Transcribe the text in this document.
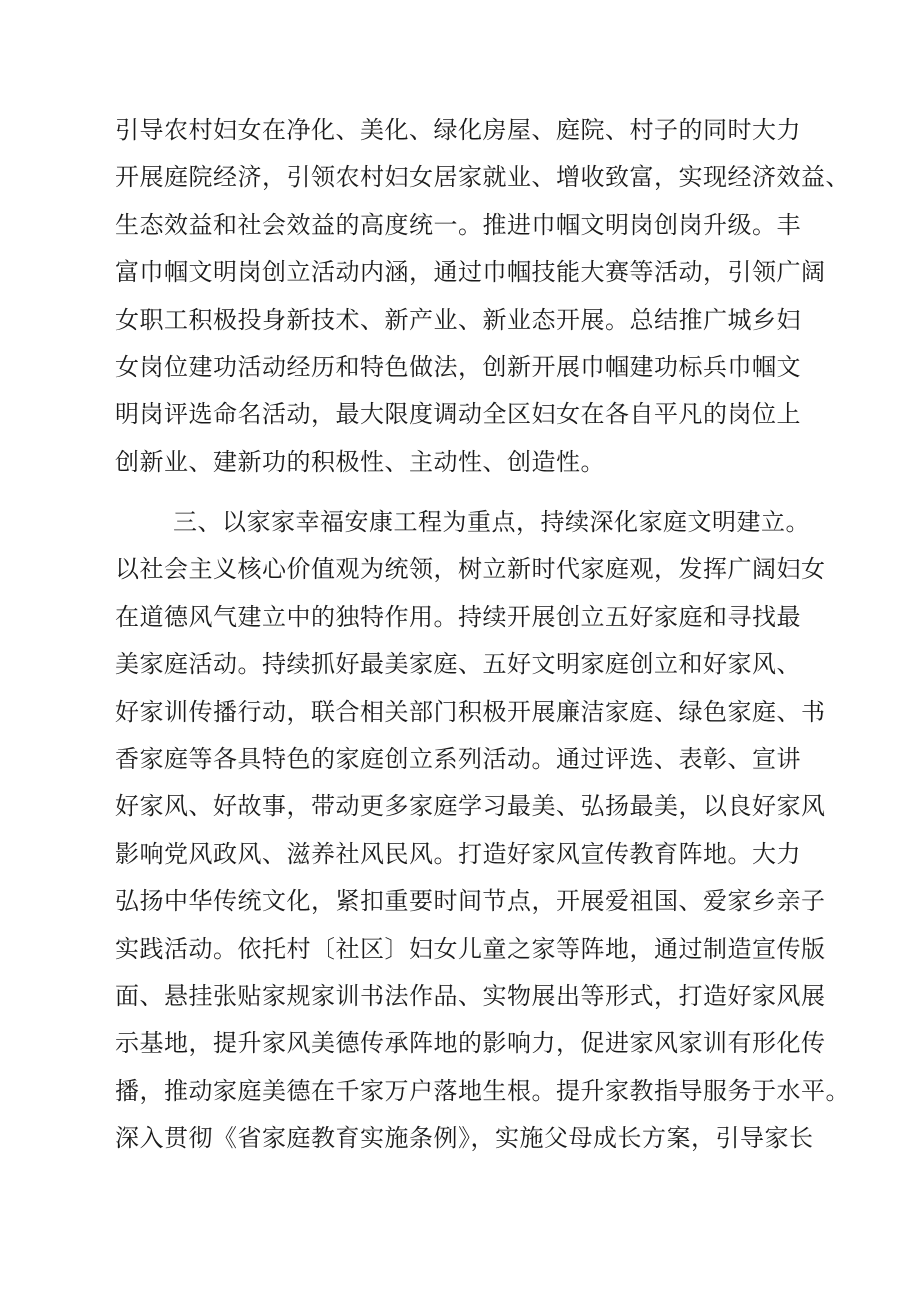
引导农村妇女在净化、美化、绿化房屋、庭院、村子的同时大力
开展庭院经济，引领农村妇女居家就业、增收致富，实现经济效益、
生态效益和社会效益的高度统一。推进巾帼文明岗创岗升级。丰
富巾帼文明岗创立活动内涵，通过巾帼技能大赛等活动，引领广阔
女职工积极投身新技术、新产业、新业态开展。总结推广城乡妇
女岗位建功活动经历和特色做法，创新开展巾帼建功标兵巾帼文
明岗评选命名活动，最大限度调动全区妇女在各自平凡的岗位上
创新业、建新功的积极性、主动性、创造性。
三、以家家幸福安康工程为重点，持续深化家庭文明建立。
以社会主义核心价值观为统领，树立新时代家庭观，发挥广阔妇女
在道德风气建立中的独特作用。持续开展创立五好家庭和寻找最
美家庭活动。持续抓好最美家庭、五好文明家庭创立和好家风、
好家训传播行动，联合相关部门积极开展廉洁家庭、绿色家庭、书
香家庭等各具特色的家庭创立系列活动。通过评选、表彰、宣讲
好家风、好故事，带动更多家庭学习最美、弘扬最美，以良好家风
影响党风政风、滋养社风民风。打造好家风宣传教育阵地。大力
弘扬中华传统文化，紧扣重要时间节点，开展爱祖国、爱家乡亲子
实践活动。依托村〔社区〕妇女儿童之家等阵地，通过制造宣传版
面、悬挂张贴家规家训书法作品、实物展出等形式，打造好家风展
示基地，提升家风美德传承阵地的影响力，促进家风家训有形化传
播，推动家庭美德在千家万户落地生根。提升家教指导服务于水平。
深入贯彻《省家庭教育实施条例》，实施父母成长方案，引导家长
